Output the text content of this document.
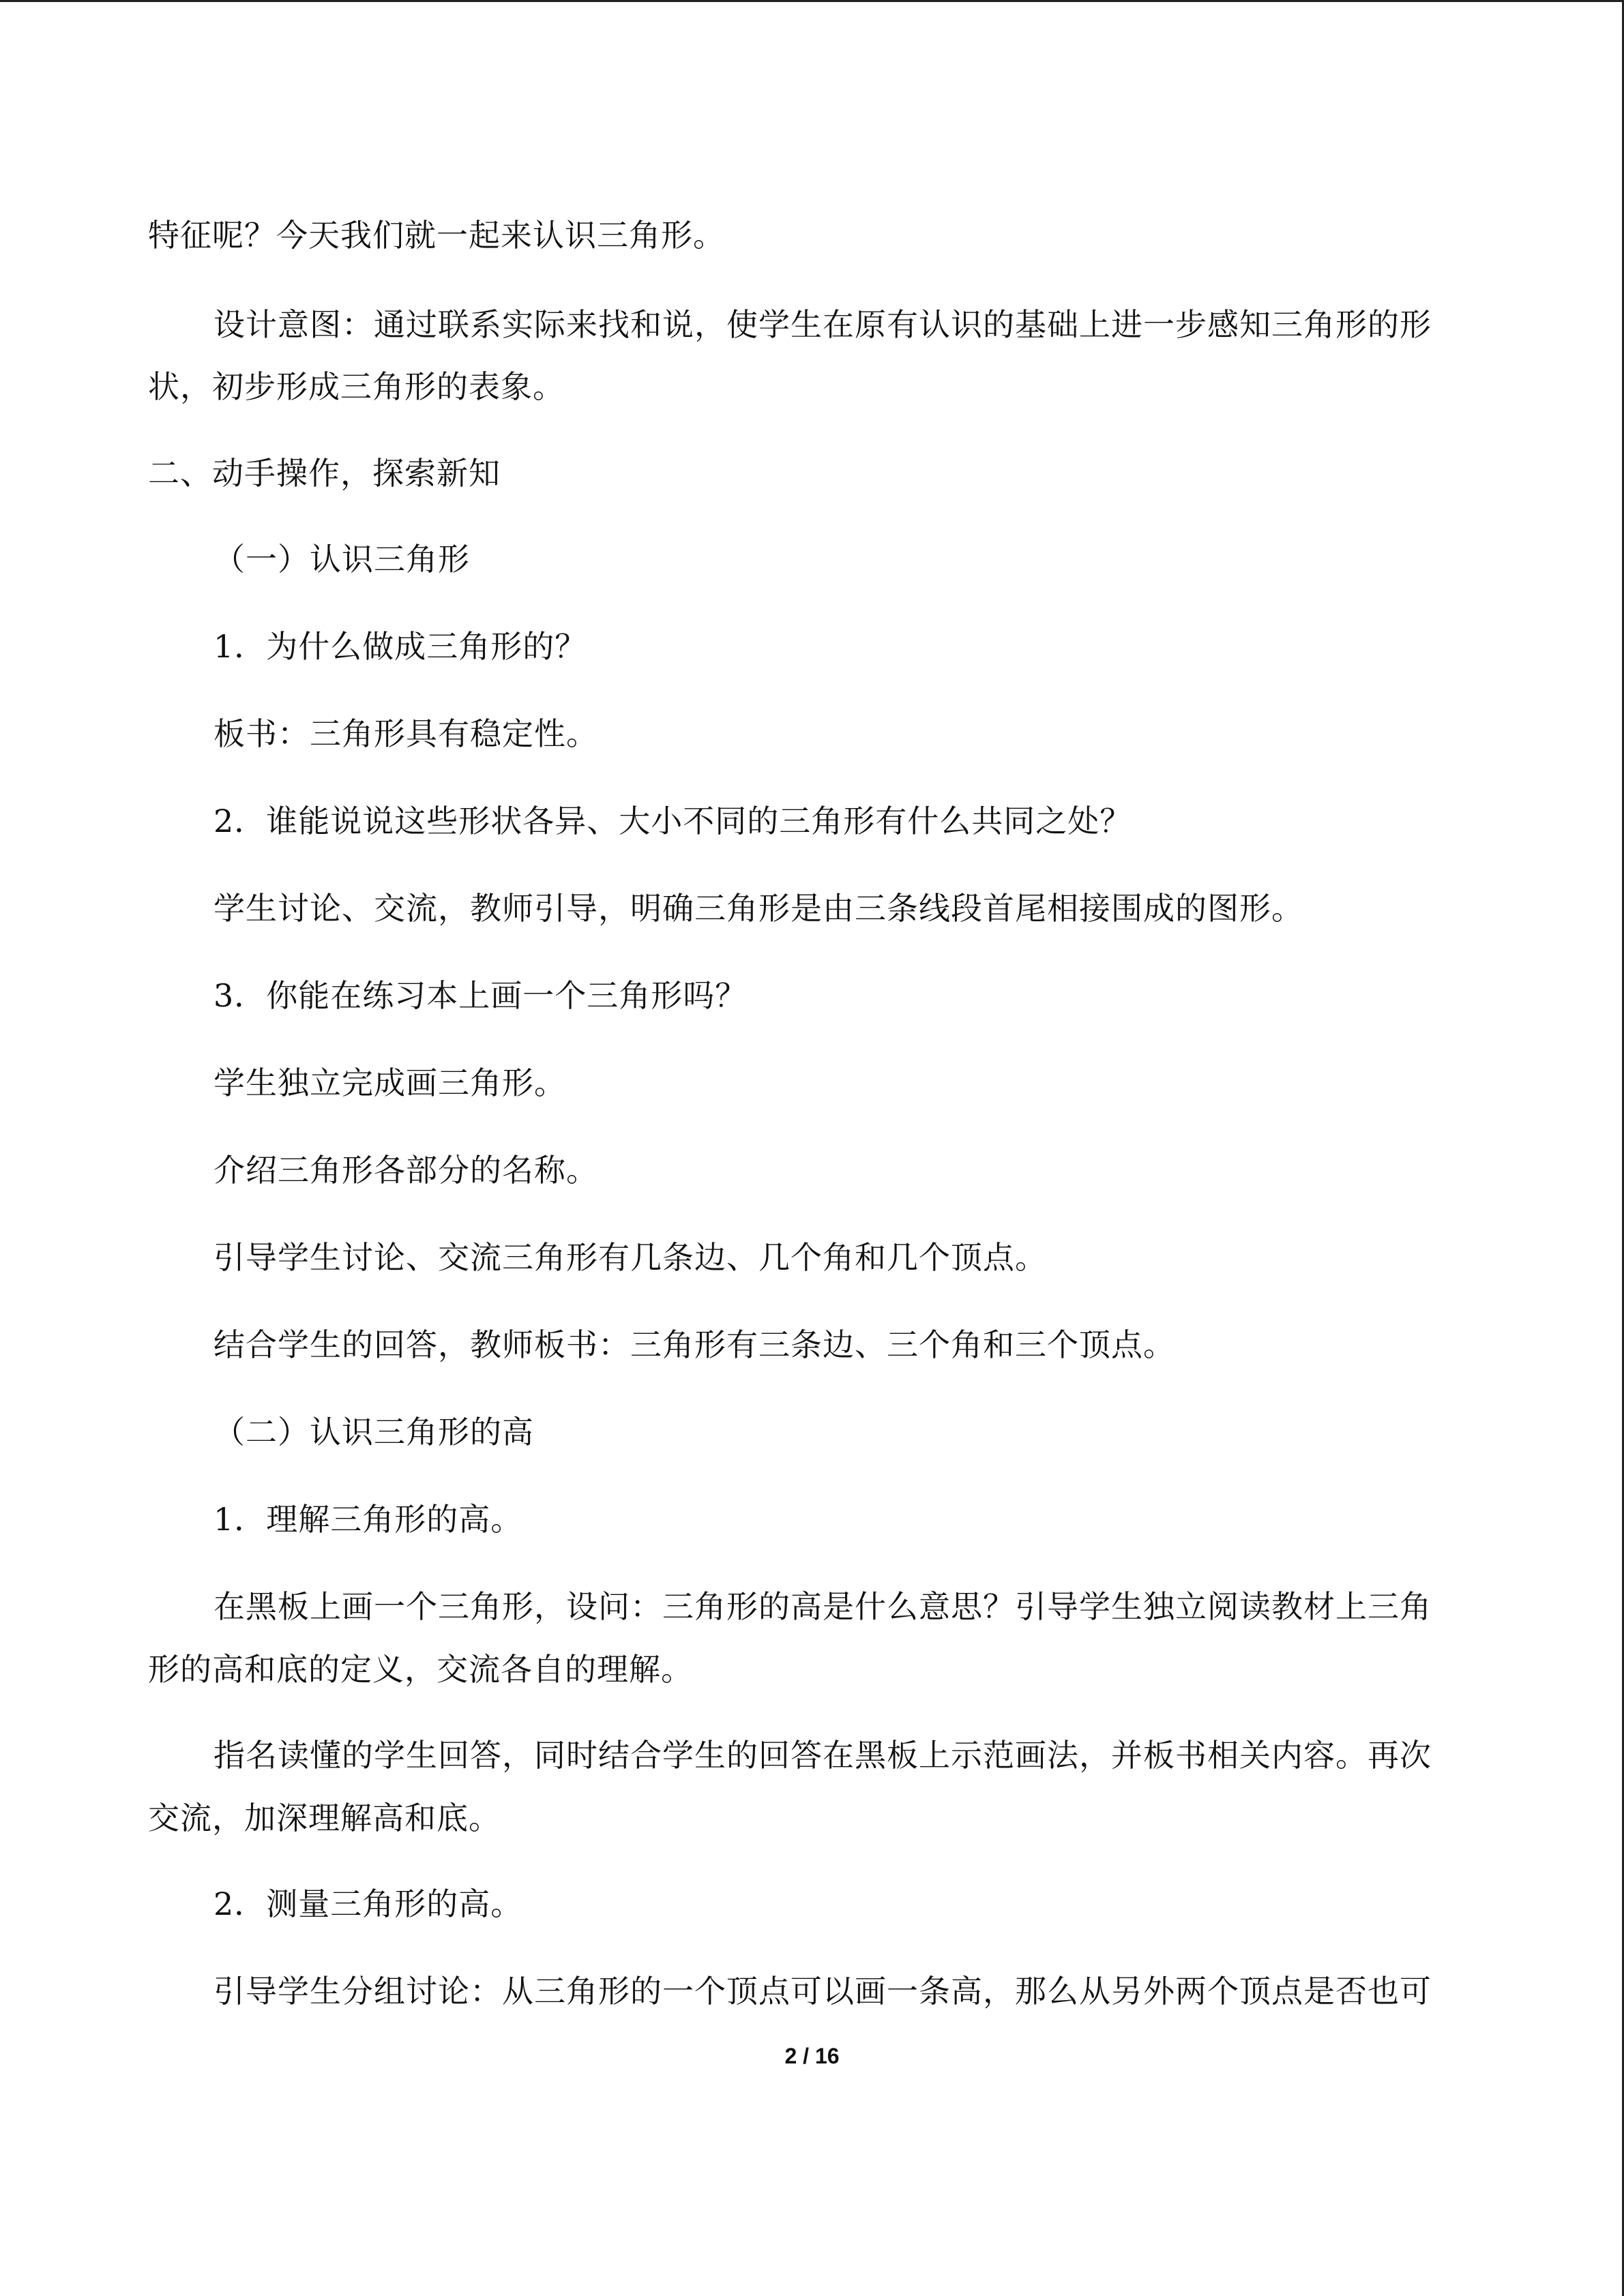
特征呢？今天我们就一起来认识三角形。
设计意图：通过联系实际来找和说，使学生在原有认识的基础上进一步感知三角形的形
状，初步形成三角形的表象。
二、动手操作，探索新知
（一）认识三角形
1．为什么做成三角形的？
板书：三角形具有稳定性。
2．谁能说说这些形状各异、大小不同的三角形有什么共同之处？
学生讨论、交流，教师引导，明确三角形是由三条线段首尾相接围成的图形。
3．你能在练习本上画一个三角形吗？
学生独立完成画三角形。
介绍三角形各部分的名称。
引导学生讨论、交流三角形有几条边、几个角和几个顶点。
结合学生的回答，教师板书：三角形有三条边、三个角和三个顶点。
（二）认识三角形的高
1．理解三角形的高。
在黑板上画一个三角形，设问：三角形的高是什么意思？引导学生独立阅读教材上三角
形的高和底的定义，交流各自的理解。
指名读懂的学生回答，同时结合学生的回答在黑板上示范画法，并板书相关内容。再次
交流，加深理解高和底。
2．测量三角形的高。
引导学生分组讨论：从三角形的一个顶点可以画一条高，那么从另外两个顶点是否也可
2 / 16
